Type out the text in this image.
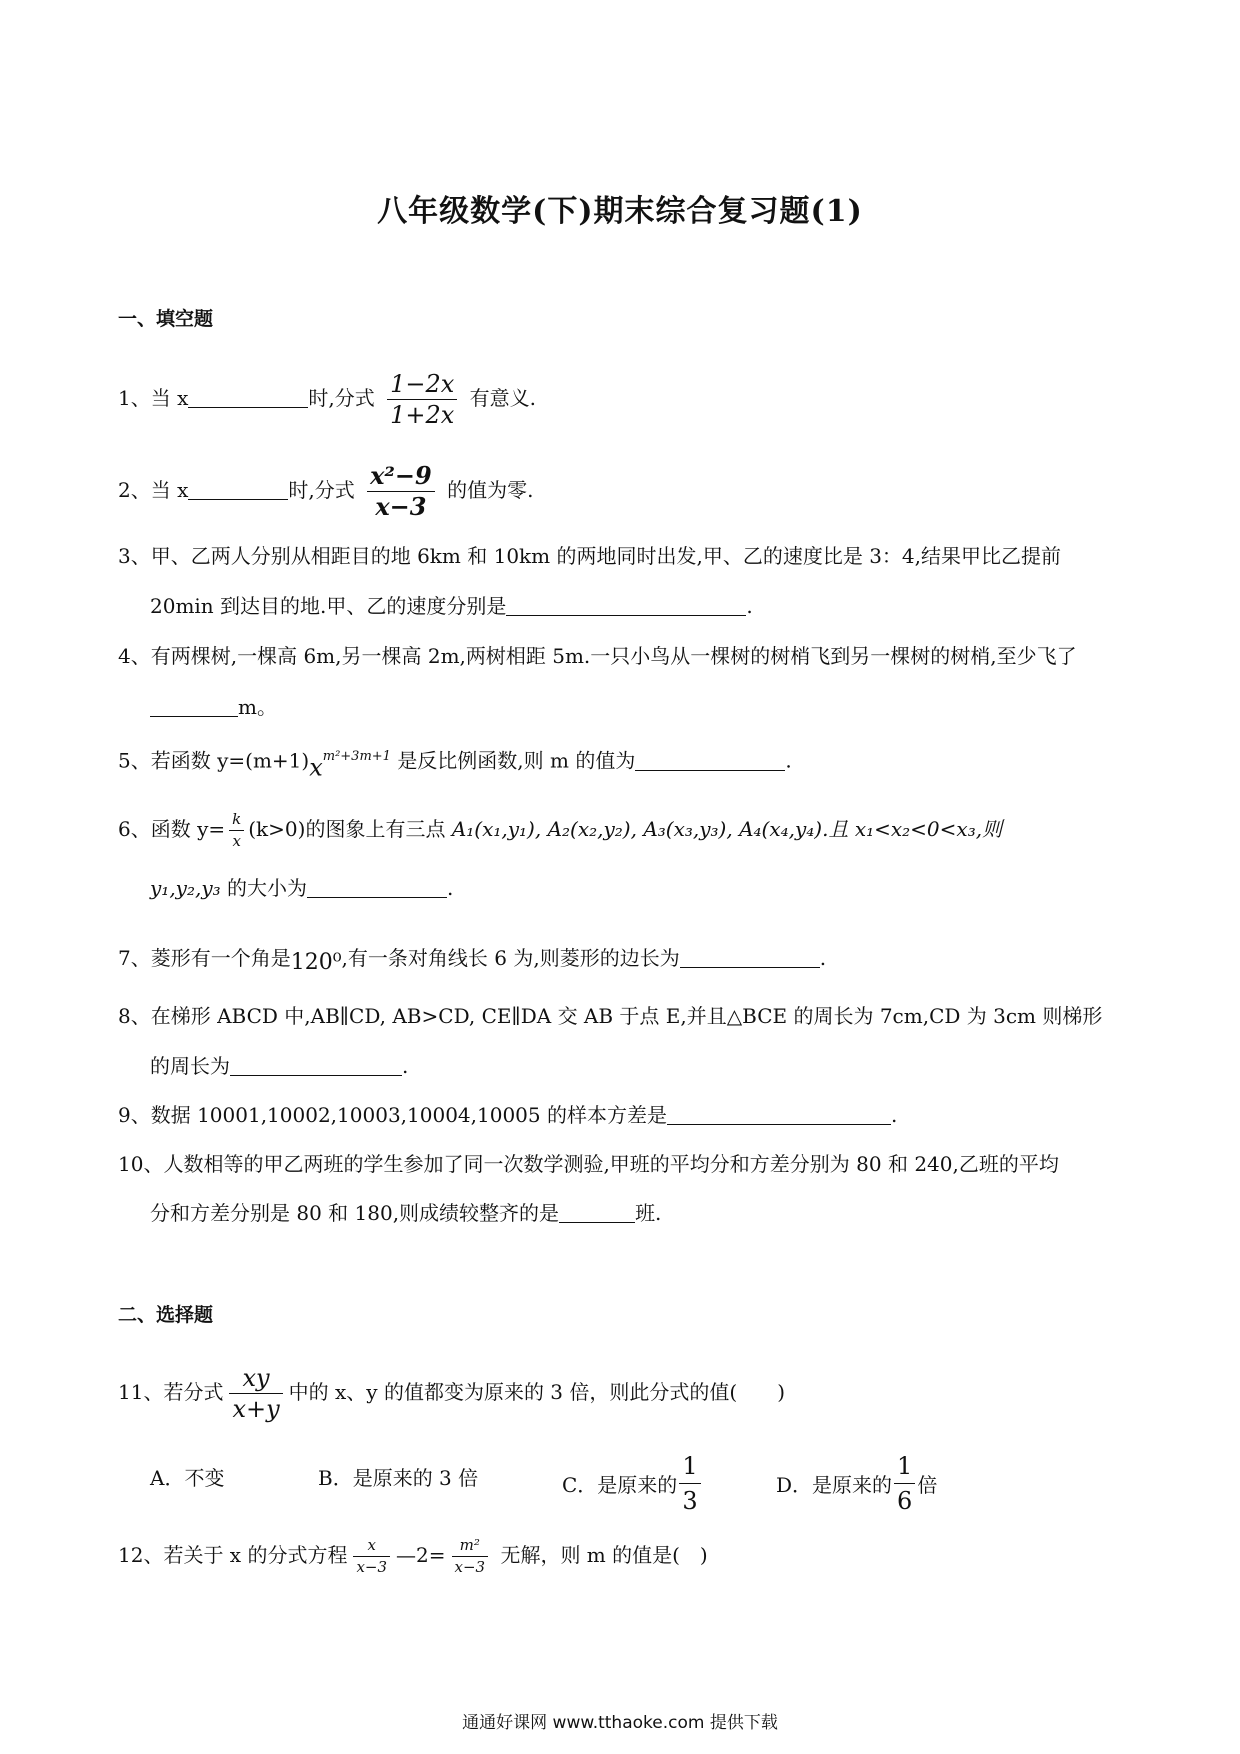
八年级数学(下)期末综合复习题(1)
一、填空题
1、当 x	时,分式 $\frac{1-2x}{1+2x}$ 有意义.
2、当 x	时,分式 $\frac{\text{x²−9}}{x-3}$ 的值为零.
3、甲、乙两人分别从相距目的地 6km 和 10km 的两地同时出发,甲、乙的速度比是 3：4,结果甲比乙提前
20min 到达目的地.甲、乙的速度分别是	.
4、有两棵树,一棵高 6m,另一棵高 2m,两树相距 5m.一只小鸟从一棵树的树梢飞到另一棵树的树梢,至少飞了
m。
5、若函数 $y=(m+1)x^{m^2+3m+1}$ 是反比例函数,则 m 的值为	.
6、函数 $y= \frac{k}{x} (k>0)$的图象上有三点 A₁(x₁,y₁), A₂(x₂,y₂), A₃(x₃,y₃), A₄(x₄,y₄).且 x₁<x₂<0<x₃,则
y₁,y₂,y₃ 的大小为	.
7、菱形有一个角是120⁰,有一条对角线长 6 为,则菱形的边长为	.
8、在梯形 ABCD 中,AB∥CD, AB>CD, CE∥DA 交 AB 于点 E,并且△BCE 的周长为 7cm,CD 为 3cm 则梯形
的周长为	.
9、数据 10001,10002,10003,10004,10005 的样本方差是	.
10、人数相等的甲乙两班的学生参加了同一次数学测验,甲班的平均分和方差分别为 80 和 240,乙班的平均
分和方差分别是 80 和 180,则成绩较整齐的是	班.
二、选择题
11、若分式 $\frac{xy}{x+y}$ 中的 x、y 的值都变为原来的 3 倍，则此分式的值(　　)
A．不变	B．是原来的 3 倍	C．是原来的 $\frac{1}{3}$	D．是原来的 $\frac{1}{6}$ 倍
12、若关于 x 的分式方程 $\frac{x}{x-3}$ —2= $\frac{\text{m²}}{x-3}$ 无解，则 m 的值是(　)
通通好课网 www.tthaoke.com 提供下载
